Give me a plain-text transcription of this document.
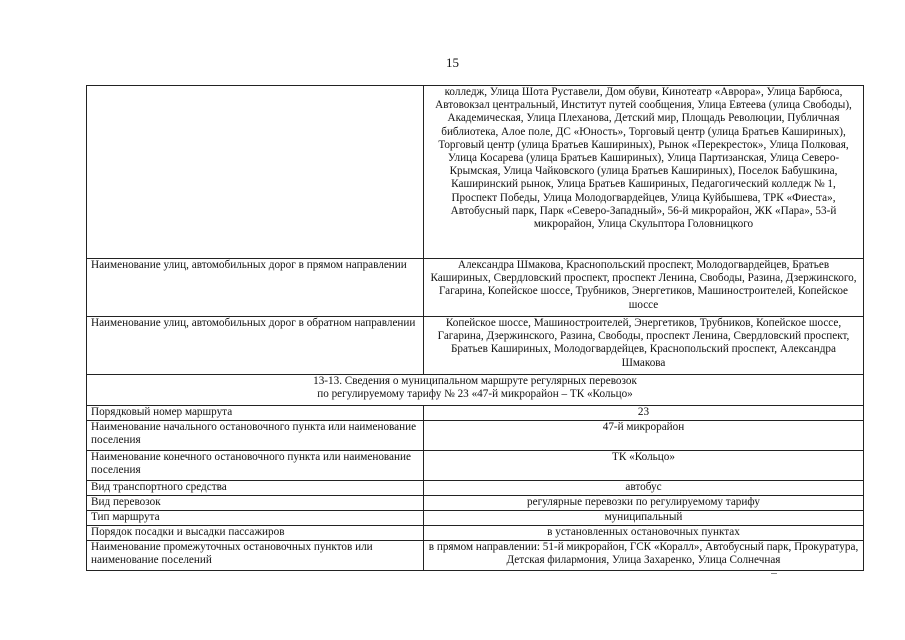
15
	колледж, Улица Шота Руставели, Дом обуви, Кинотеатр «Аврора», Улица Барбюса, Автовокзал центральный, Институт путей сообщения, Улица Евтеева (улица Свободы), Академическая, Улица Плеханова, Детский мир, Площадь Революции, Публичная библиотека, Алое поле, ДС «Юность», Торговый центр (улица Братьев Кашириных), Торговый центр (улица Братьев Кашириных), Рынок «Перекресток», Улица Полковая, Улица Косарева (улица Братьев Кашириных), Улица Партизанская, Улица Северо-Крымская, Улица Чайковского (улица Братьев Кашириных), Поселок Бабушкина, Каширинский рынок, Улица Братьев Кашириных, Педагогический колледж № 1, Проспект Победы, Улица Молодогвардейцев, Улица Куйбышева, ТРК «Фиеста», Автобусный парк, Парк «Северо-Западный», 56-й микрорайон, ЖК «Пара», 53-й микрорайон, Улица Скульптора Головницкого
Наименование улиц, автомобильных дорог в прямом направлении	Александра Шмакова, Краснопольский проспект, Молодогвардейцев, Братьев Кашириных, Свердловский проспект, проспект Ленина, Свободы, Разина, Дзержинского, Гагарина, Копейское шоссе, Трубников, Энергетиков, Машиностроителей, Копейское шоссе
Наименование улиц, автомобильных дорог в обратном направлении	Копейское шоссе, Машиностроителей, Энергетиков, Трубников, Копейское шоссе, Гагарина, Дзержинского, Разина, Свободы, проспект Ленина, Свердловский проспект, Братьев Кашириных, Молодогвардейцев, Краснопольский проспект, Александра Шмакова

13-13. Сведения о муниципальном маршруте регулярных перевозок
по регулируемому тарифу № 23 «47-й микрорайон – ТК «Кольцо»	

Порядковый номер маршрута	23
Наименование начального остановочного пункта или наименование поселения	47-й микрорайон
Наименование конечного остановочного пункта или наименование поселения	ТК «Кольцо»
Вид транспортного средства	автобус
Вид перевозок	регулярные перевозки по регулируемому тарифу
Тип маршрута	муниципальный
Порядок посадки и высадки пассажиров	в установленных остановочных пунктах
Наименование промежуточных остановочных пунктов или наименование поселений	в прямом направлении: 51-й микрорайон, ГСК «Коралл», Автобусный парк, Прокуратура, Детская филармония, Улица Захаренко, Улица Солнечная
